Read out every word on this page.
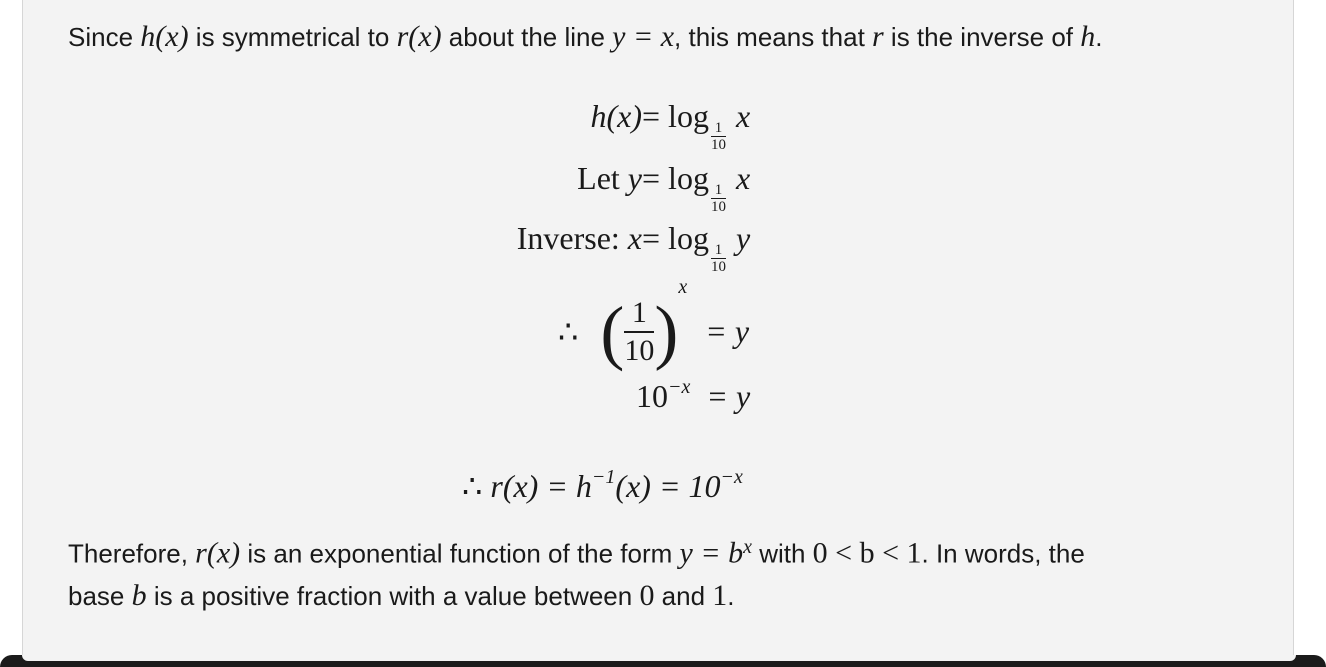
Since h(x) is symmetrical to r(x) about the line y = x, this means that r is the inverse of h.
h(x) = log
$\frac{1}{10}$
x
Let y = log
$\frac{1}{10}$
x
Inverse: x = log
$\frac{1}{10}$
y
∴ ( $\frac{1}{10})^x = y$
$10^{-x} = y$
∴ $r(x) = h^{-1}(x) = 10^{-x}$
Therefore, r(x) is an exponential function of the form $y = b^x$ with 0 < b < 1. In words, the
base b is a positive fraction with a value between 0 and 1.
